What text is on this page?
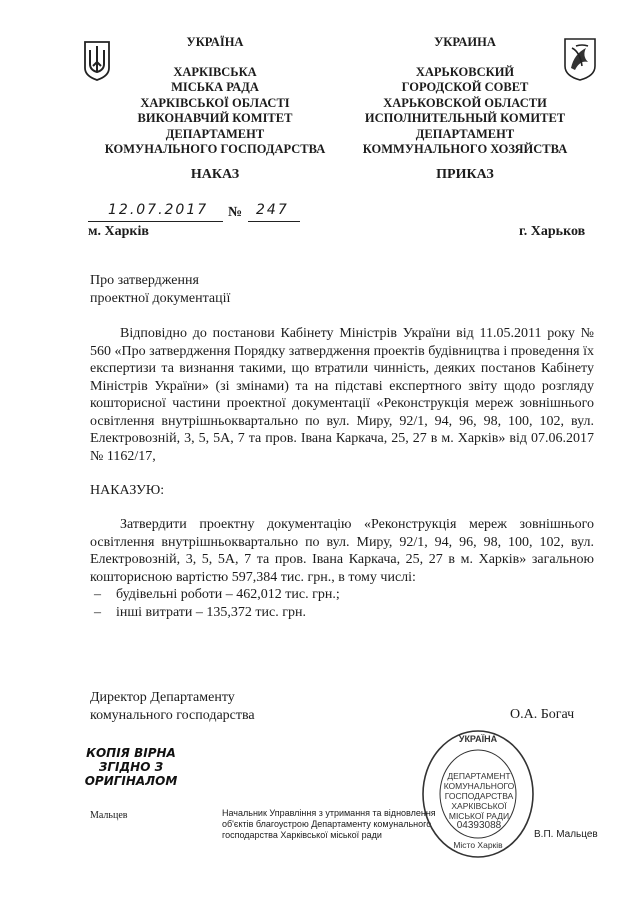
УКРАЇНА
ХАРКІВСЬКА
МІСЬКА РАДА
ХАРКІВСЬКОЇ ОБЛАСТІ
ВИКОНАВЧИЙ КОМІТЕТ
ДЕПАРТАМЕНТ
КОМУНАЛЬНОГО ГОСПОДАРСТВА
НАКАЗ
УКРАИНА
ХАРЬКОВСКИЙ
ГОРОДСКОЙ СОВЕТ
ХАРЬКОВСКОЙ ОБЛАСТИ
ИСПОЛНИТЕЛЬНЫЙ КОМИТЕТ
ДЕПАРТАМЕНТ
КОММУНАЛЬНОГО ХОЗЯЙСТВА
ПРИКАЗ
12.07.2017 № 247
м. Харків	г. Харьков
Про затвердження
проектної документації
Відповідно до постанови Кабінету Міністрів України від 11.05.2011 року № 560 «Про затвердження Порядку затвердження проектів будівництва і проведення їх експертизи та визнання такими, що втратили чинність, деяких постанов Кабінету Міністрів України» (зі змінами) та на підставі експертного звіту щодо розгляду кошторисної частини проектної документації «Реконструкція мереж зовнішнього освітлення внутрішньоквартально по вул. Миру, 92/1, 94, 96, 98, 100, 102, вул. Електровозній, 3, 5, 5А, 7 та пров. Івана Каркача, 25, 27 в м. Харків» від 07.06.2017 № 1162/17,
НАКАЗУЮ:
Затвердити проектну документацію «Реконструкція мереж зовнішнього освітлення внутрішньоквартально по вул. Миру, 92/1, 94, 96, 98, 100, 102, вул. Електровозній, 3, 5, 5А, 7 та пров. Івана Каркача, 25, 27 в м. Харків» загальною кошторисною вартістю 597,384 тис. грн., в тому числі:
– будівельні роботи – 462,012 тис. грн.;
– інші витрати – 135,372 тис. грн.
Директор Департаменту
комунального господарства	О.А. Богач
КОПІЯ ВІРНА
ЗГІДНО З
ОРИГІНАЛОМ
Мальцев	Начальник Управління з утримання та відновлення
об'єктів благоустрою Департаменту комунального
господарства Харківської міської ради	В.П. Мальцев
УКРАЇНА
ДЕПАРТАМЕНТ
КОМУНАЛЬНОГО
ГОСПОДАРСТВА
ХАРКІВСЬКОЇ
МІСЬКОЇ РАДИ
04393088
Місто Харків
